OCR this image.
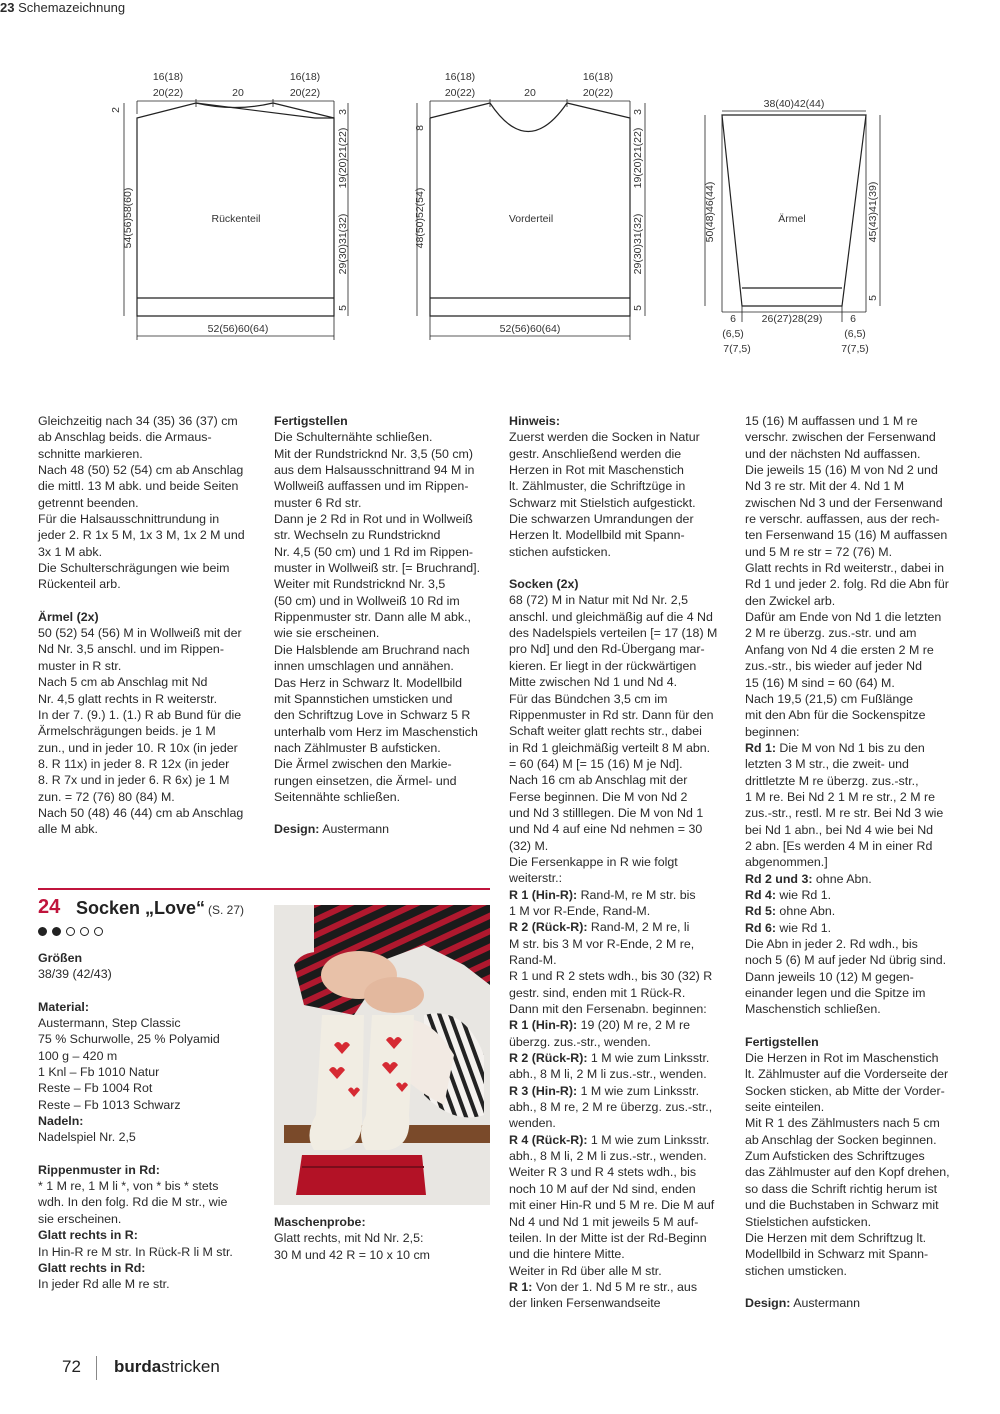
23 Schemazeichnung
16(18)
20(22)	20
16(18)
20(22)
Rückenteil
52(56)60(64)
2
54(56)58(60)
3
19(20)21(22)
29(30)31(32)
5
16(18)
20(22)	20
16(18)
20(22)
Vorderteil
52(56)60(64)
8
48(50)52(54)
3
19(20)21(22)
29(30)31(32)
5
38(40)42(44)
Ärmel
26(27)28(29)
50(48)46(44)	45(43)41(39)
5
6
(6,5)
7(7,5)
6
(6,5)
7(7,5)

Gleichzeitig nach 34 (35) 36 (37) cm
ab Anschlag beids. die Armaus-
schnitte markieren.
Nach 48 (50) 52 (54) cm ab Anschlag
die mittl. 13 M abk. und beide Seiten
getrennt beenden.
Für die Halsausschnittrundung in
jeder 2. R 1x 5 M, 1x 3 M, 1x 2 M und
3x 1 M abk.
Die Schulterschrägungen wie beim
Rückenteil arb.

Ärmel (2x)

50 (52) 54 (56) M in Wollweiß mit der
Nd Nr. 3,5 anschl. und im Rippen-
muster in R str.
Nach 5 cm ab Anschlag mit Nd
Nr. 4,5 glatt rechts in R weiterstr.
In der 7. (9.) 1. (1.) R ab Bund für die
Ärmelschrägungen beids. je 1 M
zun., und in jeder 10. R 10x (in jeder
8. R 11x) in jeder 8. R 12x (in jeder
8. R 7x und in jeder 6. R 6x) je 1 M
zun. = 72 (76) 80 (84) M.
Nach 50 (48) 46 (44) cm ab Anschlag
alle M abk.

Fertigstellen

Die Schulternähte schließen.
Mit der Rundstricknd Nr. 3,5 (50 cm)
aus dem Halsausschnittrand 94 M in
Wollweiß auffassen und im Rippen-
muster 6 Rd str.
Dann je 2 Rd in Rot und in Wollweiß
str. Wechseln zu Rundstricknd
Nr. 4,5 (50 cm) und 1 Rd im Rippen-
muster in Wollweiß str. [= Bruchrand].
Weiter mit Rundstricknd Nr. 3,5
(50 cm) und in Wollweiß 10 Rd im
Rippenmuster str. Dann alle M abk.,
wie sie erscheinen.
Die Halsblende am Bruchrand nach
innen umschlagen und annähen.
Das Herz in Schwarz lt. Modellbild
mit Spannstichen umsticken und
den Schriftzug Love in Schwarz 5 R
unterhalb vom Herz im Maschenstich
nach Zählmuster B aufsticken.
Die Ärmel zwischen den Markie-
rungen einsetzen, die Ärmel- und
Seitennähte schließen.

Design: Austermann

24 Socken „Love“ (S. 27)

Größen

38/39 (42/43)

Material:

Austermann, Step Classic
75 % Schurwolle, 25 % Polyamid
100 g – 420 m
1 Knl – Fb 1010 Natur
Reste – Fb 1004 Rot
Reste – Fb 1013 Schwarz

Nadeln:

Nadelspiel Nr. 2,5

Rippenmuster in Rd:

* 1 M re, 1 M li *, von * bis * stets
wdh. In den folg. Rd die M str., wie
sie erscheinen.

Glatt rechts in R:

In Hin-R re M str. In Rück-R li M str.

Glatt rechts in Rd:

In jeder Rd alle M re str.

Maschenprobe:

Glatt rechts, mit Nd Nr. 2,5:
30 M und 42 R = 10 x 10 cm

Hinweis:

Zuerst werden die Socken in Natur
gestr. Anschließend werden die
Herzen in Rot mit Maschenstich
lt. Zählmuster, die Schriftzüge in
Schwarz mit Stielstich aufgestickt.
Die schwarzen Umrandungen der
Herzen lt. Modellbild mit Spann-
stichen aufsticken.

Socken (2x)

68 (72) M in Natur mit Nd Nr. 2,5
anschl. und gleichmäßig auf die 4 Nd
des Nadelspiels verteilen [= 17 (18) M
pro Nd] und den Rd-Übergang mar-
kieren. Er liegt in der rückwärtigen
Mitte zwischen Nd 1 und Nd 4.
Für das Bündchen 3,5 cm im
Rippenmuster in Rd str. Dann für den
Schaft weiter glatt rechts str., dabei
in Rd 1 gleichmäßig verteilt 8 M abn.
= 60 (64) M [= 15 (16) M je Nd].
Nach 16 cm ab Anschlag mit der
Ferse beginnen. Die M von Nd 2
und Nd 3 stilllegen. Die M von Nd 1
und Nd 4 auf eine Nd nehmen = 30
(32) M.
Die Fersenkappe in R wie folgt
weiterstr.:

R 1 (Hin-R): Rand-M, re M str. bis
1 M vor R-Ende, Rand-M.

R 2 (Rück-R): Rand-M, 2 M re, li
M str. bis 3 M vor R-Ende, 2 M re,
Rand-M.
R 1 und R 2 stets wdh., bis 30 (32) R
gestr. sind, enden mit 1 Rück-R.
Dann mit den Fersenabn. beginnen:

R 1 (Hin-R): 19 (20) M re, 2 M re
überzg. zus.-str., wenden.

R 2 (Rück-R): 1 M wie zum Linksstr.
abh., 8 M li, 2 M li zus.-str., wenden.

R 3 (Hin-R): 1 M wie zum Linksstr.
abh., 8 M re, 2 M re überzg. zus.-str.,
wenden.

R 4 (Rück-R): 1 M wie zum Linksstr.
abh., 8 M li, 2 M li zus.-str., wenden.
Weiter R 3 und R 4 stets wdh., bis
noch 10 M auf der Nd sind, enden
mit einer Hin-R und 5 M re. Die M auf
Nd 4 und Nd 1 mit jeweils 5 M auf-
teilen. In der Mitte ist der Rd-Beginn
und die hintere Mitte.
Weiter in Rd über alle M str.

R 1: Von der 1. Nd 5 M re str., aus
der linken Fersenwandseite

15 (16) M auffassen und 1 M re
verschr. zwischen der Fersenwand
und der nächsten Nd auffassen.
Die jeweils 15 (16) M von Nd 2 und
Nd 3 re str. Mit der 4. Nd 1 M
zwischen Nd 3 und der Fersenwand
re verschr. auffassen, aus der rech-
ten Fersenwand 15 (16) M auffassen
und 5 M re str = 72 (76) M.
Glatt rechts in Rd weiterstr., dabei in
Rd 1 und jeder 2. folg. Rd die Abn für
den Zwickel arb.
Dafür am Ende von Nd 1 die letzten
2 M re überzg. zus.-str. und am
Anfang von Nd 4 die ersten 2 M re
zus.-str., bis wieder auf jeder Nd
15 (16) M sind = 60 (64) M.
Nach 19,5 (21,5) cm Fußlänge
mit den Abn für die Sockenspitze
beginnen:

Rd 1: Die M von Nd 1 bis zu den
letzten 3 M str., die zweit- und
drittletzte M re überzg. zus.-str.,
1 M re. Bei Nd 2 1 M re str., 2 M re
zus.-str., restl. M re str. Bei Nd 3 wie
bei Nd 1 abn., bei Nd 4 wie bei Nd
2 abn. [Es werden 4 M in einer Rd
abgenommen.]

Rd 2 und 3: ohne Abn.

Rd 4: wie Rd 1.

Rd 5: ohne Abn.

Rd 6: wie Rd 1.
Die Abn in jeder 2. Rd wdh., bis
noch 5 (6) M auf jeder Nd übrig sind.
Dann jeweils 10 (12) M gegen-
einander legen und die Spitze im
Maschenstich schließen.

Fertigstellen

Die Herzen in Rot im Maschenstich
lt. Zählmuster auf die Vorderseite der
Socken sticken, ab Mitte der Vorder-
seite einteilen.
Mit R 1 des Zählmusters nach 5 cm
ab Anschlag der Socken beginnen.
Zum Aufsticken des Schriftzuges
das Zählmuster auf den Kopf drehen,
so dass die Schrift richtig herum ist
und die Buchstaben in Schwarz mit
Stielstichen aufsticken.
Die Herzen mit dem Schriftzug lt.
Modellbild in Schwarz mit Spann-
stichen umsticken.

Design: Austermann

72 burdastricken
